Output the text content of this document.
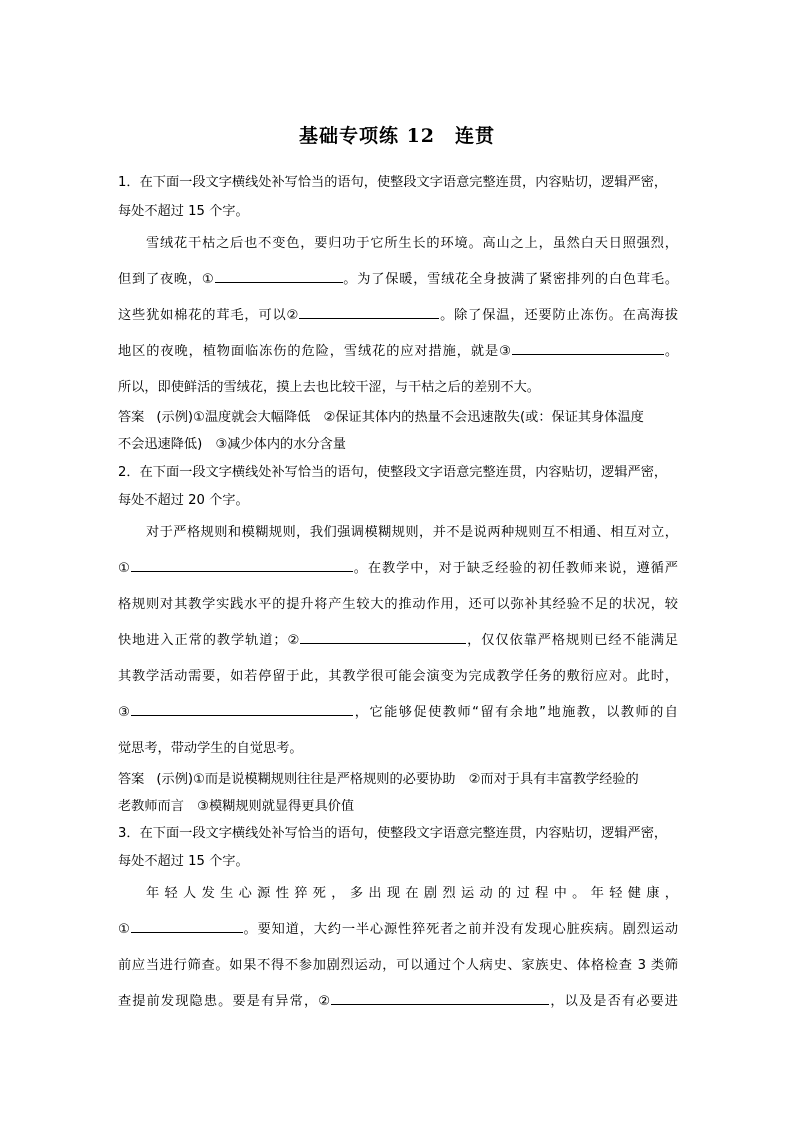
基础专项练 12　连贯
1．在下面一段文字横线处补写恰当的语句，使整段文字语意完整连贯，内容贴切，逻辑严密，
每处不超过 15 个字。
雪绒花干枯之后也不变色，要归功于它所生长的环境。高山之上，虽然白天日照强烈，
但到了夜晚，①	。为了保暖，雪绒花全身披满了紧密排列的白色茸毛。
这些犹如棉花的茸毛，可以②	。除了保温，还要防止冻伤。在高海拔
地区的夜晚，植物面临冻伤的危险，雪绒花的应对措施，就是③	。
所以，即使鲜活的雪绒花，摸上去也比较干涩，与干枯之后的差别不大。
答案 (示例)①温度就会大幅降低　②保证其体内的热量不会迅速散失(或：保证其身体温度
不会迅速降低)　③减少体内的水分含量
2．在下面一段文字横线处补写恰当的语句，使整段文字语意完整连贯，内容贴切，逻辑严密，
每处不超过 20 个字。
对于严格规则和模糊规则，我们强调模糊规则，并不是说两种规则互不相通、相互对立，
①	。在教学中，对于缺乏经验的初任教师来说，遵循严
格规则对其教学实践水平的提升将产生较大的推动作用，还可以弥补其经验不足的状况，较
快地进入正常的教学轨道；②	，仅仅依靠严格规则已经不能满足
其教学活动需要，如若停留于此，其教学很可能会演变为完成教学任务的敷衍应对。此时，
③	，它能够促使教师“留有余地”地施教，以教师的自
觉思考，带动学生的自觉思考。
答案 (示例)①而是说模糊规则往往是严格规则的必要协助　②而对于具有丰富教学经验的
老教师而言　③模糊规则就显得更具价值
3．在下面一段文字横线处补写恰当的语句，使整段文字语意完整连贯，内容贴切，逻辑严密，
每处不超过 15 个字。
年轻人发生心源性猝死，多出现在剧烈运动的过程中。年轻健康，
①	。要知道，大约一半心源性猝死者之前并没有发现心脏疾病。剧烈运动
前应当进行筛查。如果不得不参加剧烈运动，可以通过个人病史、家族史、体格检查 3 类筛
查提前发现隐患。要是有异常，②	，以及是否有必要进
